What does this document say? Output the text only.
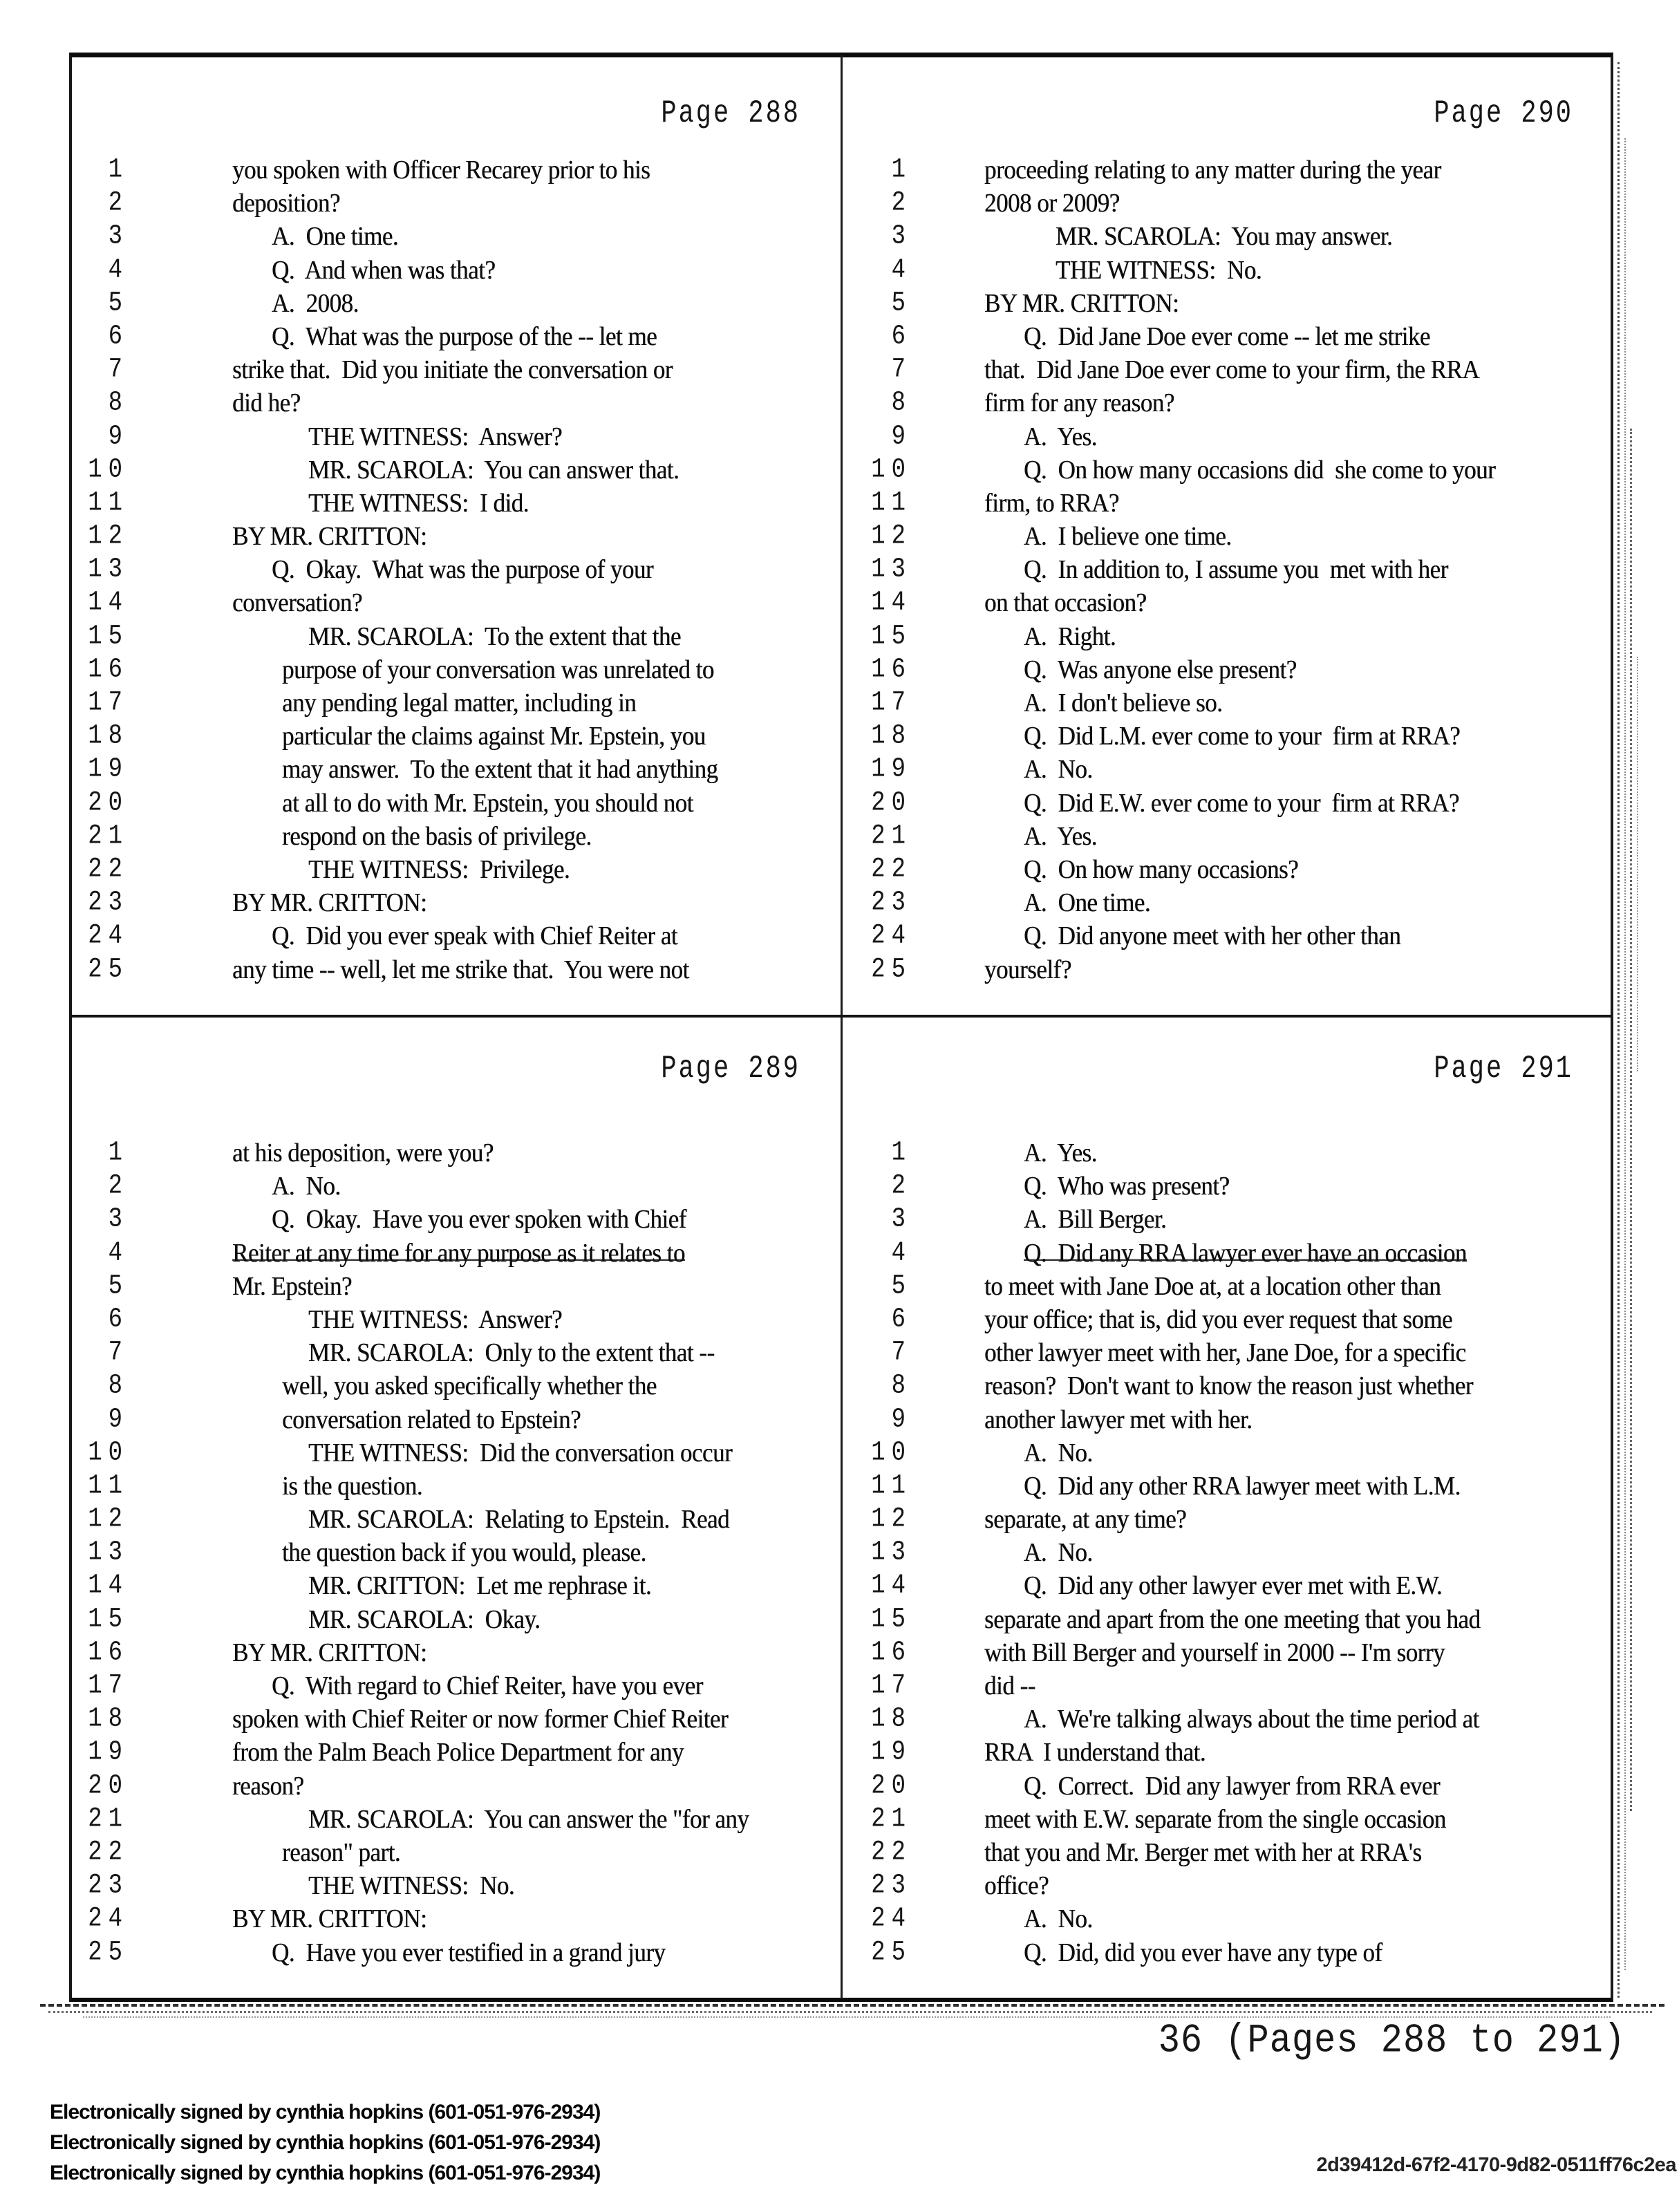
Page 288
1	you spoken with Officer Recarey prior to his
2	deposition?
3	A.  One time.
4	Q.  And when was that?
5	A.  2008.
6	Q.  What was the purpose of the -- let me
7	strike that.  Did you initiate the conversation or
8	did he?
9	THE WITNESS:  Answer?
10	MR. SCAROLA:  You can answer that.
11	THE WITNESS:  I did.
12	BY MR. CRITTON:
13	Q.  Okay.  What was the purpose of your
14	conversation?
15	MR. SCAROLA:  To the extent that the
16	purpose of your conversation was unrelated to
17	any pending legal matter, including in
18	particular the claims against Mr. Epstein, you
19	may answer.  To the extent that it had anything
20	at all to do with Mr. Epstein, you should not
21	respond on the basis of privilege.
22	THE WITNESS:  Privilege.
23	BY MR. CRITTON:
24	Q.  Did you ever speak with Chief Reiter at
25	any time -- well, let me strike that.  You were not
Page 290
1	proceeding relating to any matter during the year
2	2008 or 2009?
3	MR. SCAROLA:  You may answer.
4	THE WITNESS:  No.
5	BY MR. CRITTON:
6	Q.  Did Jane Doe ever come -- let me strike
7	that.  Did Jane Doe ever come to your firm, the RRA
8	firm for any reason?
9	A.  Yes.
10	Q.  On how many occasions did  she come to your
11	firm, to RRA?
12	A.  I believe one time.
13	Q.  In addition to, I assume you  met with her
14	on that occasion?
15	A.  Right.
16	Q.  Was anyone else present?
17	A.  I don't believe so.
18	Q.  Did L.M. ever come to your  firm at RRA?
19	A.  No.
20	Q.  Did E.W. ever come to your  firm at RRA?
21	A.  Yes.
22	Q.  On how many occasions?
23	A.  One time.
24	Q.  Did anyone meet with her other than
25	yourself?
Page 289
1	at his deposition, were you?
2	A.  No.
3	Q.  Okay.  Have you ever spoken with Chief
4	Reiter at any time for any purpose as it relates to
5	Mr. Epstein?
6	THE WITNESS:  Answer?
7	MR. SCAROLA:  Only to the extent that --
8	well, you asked specifically whether the
9	conversation related to Epstein?
10	THE WITNESS:  Did the conversation occur
11	is the question.
12	MR. SCAROLA:  Relating to Epstein.  Read
13	the question back if you would, please.
14	MR. CRITTON:  Let me rephrase it.
15	MR. SCAROLA:  Okay.
16	BY MR. CRITTON:
17	Q.  With regard to Chief Reiter, have you ever
18	spoken with Chief Reiter or now former Chief Reiter
19	from the Palm Beach Police Department for any
20	reason?
21	MR. SCAROLA:  You can answer the "for any
22	reason" part.
23	THE WITNESS:  No.
24	BY MR. CRITTON:
25	Q.  Have you ever testified in a grand jury
Page 291
1	A.  Yes.
2	Q.  Who was present?
3	A.  Bill Berger.
4	Q.  Did any RRA lawyer ever have an occasion
5	to meet with Jane Doe at, at a location other than
6	your office; that is, did you ever request that some
7	other lawyer meet with her, Jane Doe, for a specific
8	reason?  Don't want to know the reason just whether
9	another lawyer met with her.
10	A.  No.
11	Q.  Did any other RRA lawyer meet with L.M.
12	separate, at any time?
13	A.  No.
14	Q.  Did any other lawyer ever met with E.W.
15	separate and apart from the one meeting that you had
16	with Bill Berger and yourself in 2000 -- I'm sorry
17	did --
18	A.  We're talking always about the time period at
19	RRA  I understand that.
20	Q.  Correct.  Did any lawyer from RRA ever
21	meet with E.W. separate from the single occasion
22	that you and Mr. Berger met with her at RRA's
23	office?
24	A.  No.
25	Q.  Did, did you ever have any type of
36 (Pages 288 to 291)
Electronically signed by cynthia hopkins (601-051-976-2934)
Electronically signed by cynthia hopkins (601-051-976-2934)
Electronically signed by cynthia hopkins (601-051-976-2934)	2d39412d-67f2-4170-9d82-0511ff76c2ea
